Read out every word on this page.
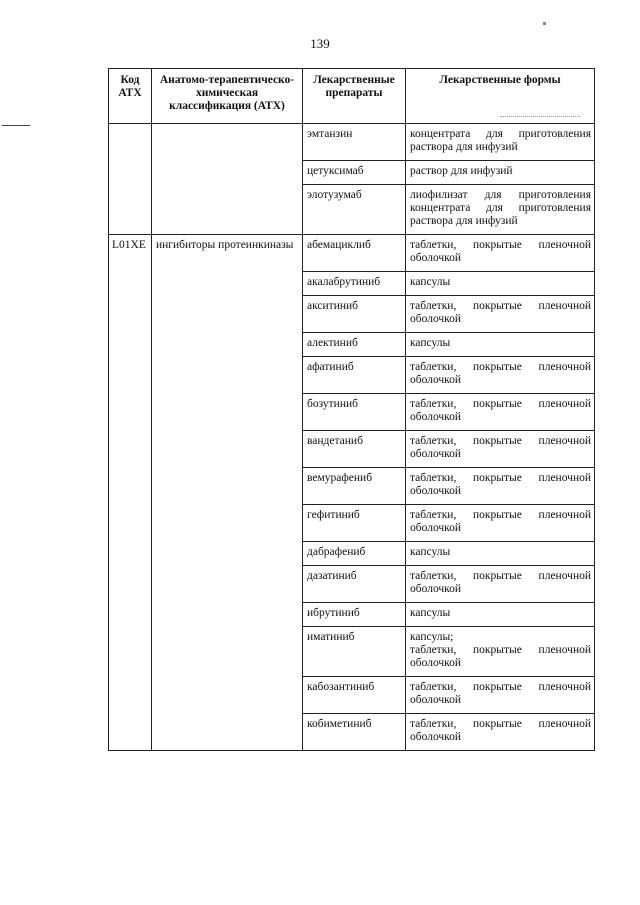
139
Код АТХ	Анатомо-терапевтическо-химическая классификация (АТХ)	Лекарственные препараты	Лекарственные формы
		эмтанзин	концентрата для приготовления раствора для инфузий

		цетуксимаб	раствор для инфузий

		элотузумаб	лиофилизат для приготовления концентрата для приготовления раствора для инфузий

L01XE	ингибиторы протеинкиназы	абемациклиб	таблетки, покрытые пленочной оболочкой

		акалабрутиниб	капсулы

		акситиниб	таблетки, покрытые пленочной оболочкой

		алектиниб	капсулы

		афатиниб	таблетки, покрытые пленочной оболочкой

		бозутиниб	таблетки, покрытые пленочной оболочкой

		вандетаниб	таблетки, покрытые пленочной оболочкой

		вемурафениб	таблетки, покрытые пленочной оболочкой

		гефитиниб	таблетки, покрытые пленочной оболочкой

		дабрафениб	капсулы

		дазатиниб	таблетки, покрытые пленочной оболочкой

		ибрутиниб	капсулы

		иматиниб	капсулы;
таблетки, покрытые пленочной оболочкой

		кабозантиниб	таблетки, покрытые пленочной оболочкой

		кобиметиниб	таблетки, покрытые пленочной оболочкой
